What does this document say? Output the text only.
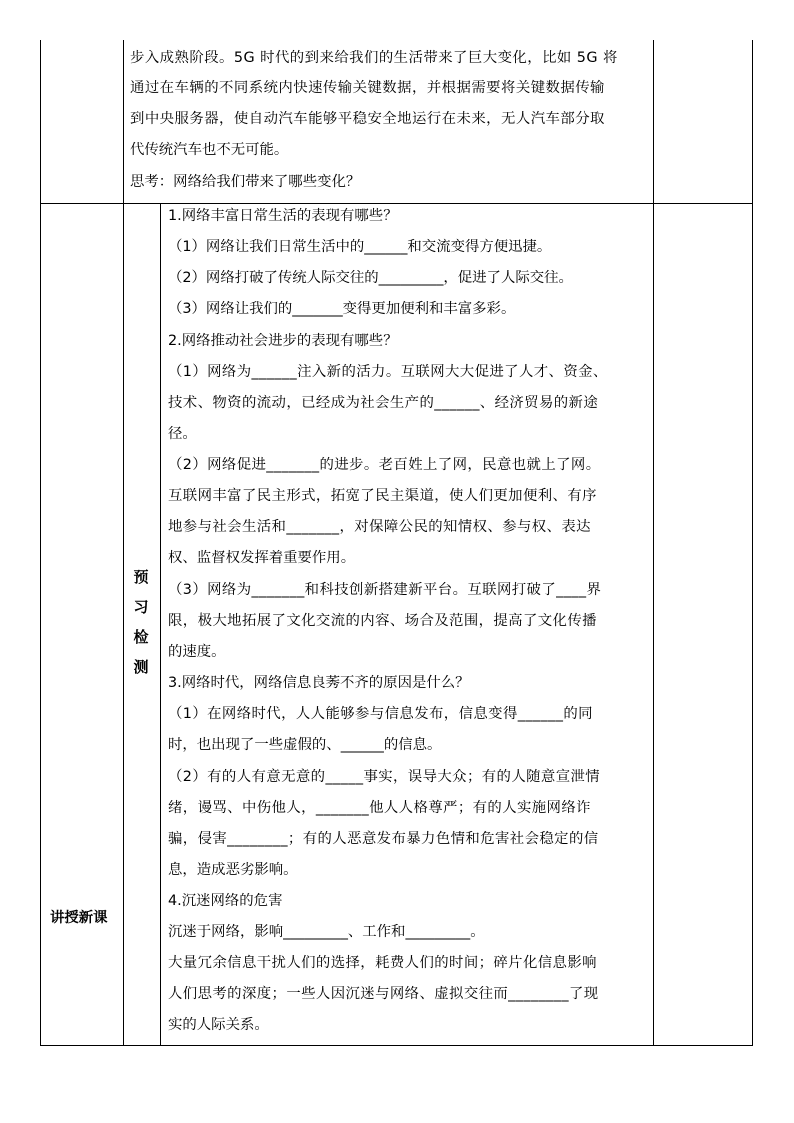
步入成熟阶段。5G 时代的到来给我们的生活带来了巨大变化，比如 5G 将
通过在车辆的不同系统内快速传输关键数据，并根据需要将关键数据传输
到中央服务器，使自动汽车能够平稳安全地运行在未来，无人汽车部分取
代传统汽车也不无可能。
思考：网络给我们带来了哪些变化？
讲授新课
预
习
检
测
1.网络丰富日常生活的表现有哪些？
（1）网络让我们日常生活中的______和交流变得方便迅捷。
（2）网络打破了传统人际交往的_________，促进了人际交往。
（3）网络让我们的_______变得更加便利和丰富多彩。
2.网络推动社会进步的表现有哪些？
（1）网络为______注入新的活力。互联网大大促进了人才、资金、
技术、物资的流动，已经成为社会生产的______、经济贸易的新途
径。
（2）网络促进_______的进步。老百姓上了网，民意也就上了网。
互联网丰富了民主形式，拓宽了民主渠道，使人们更加便利、有序
地参与社会生活和_______，对保障公民的知情权、参与权、表达
权、监督权发挥着重要作用。
（3）网络为_______和科技创新搭建新平台。互联网打破了____界
限，极大地拓展了文化交流的内容、场合及范围，提高了文化传播
的速度。
3.网络时代，网络信息良莠不齐的原因是什么？
（1）在网络时代，人人能够参与信息发布，信息变得______的同
时，也出现了一些虚假的、______的信息。
（2）有的人有意无意的_____事实，误导大众；有的人随意宣泄情
绪，谩骂、中伤他人，_______他人人格尊严；有的人实施网络诈
骗，侵害________；有的人恶意发布暴力色情和危害社会稳定的信
息，造成恶劣影响。
4.沉迷网络的危害
沉迷于网络，影响_________、工作和_________。
大量冗余信息干扰人们的选择，耗费人们的时间；碎片化信息影响
人们思考的深度；一些人因沉迷与网络、虚拟交往而________了现
实的人际关系。
